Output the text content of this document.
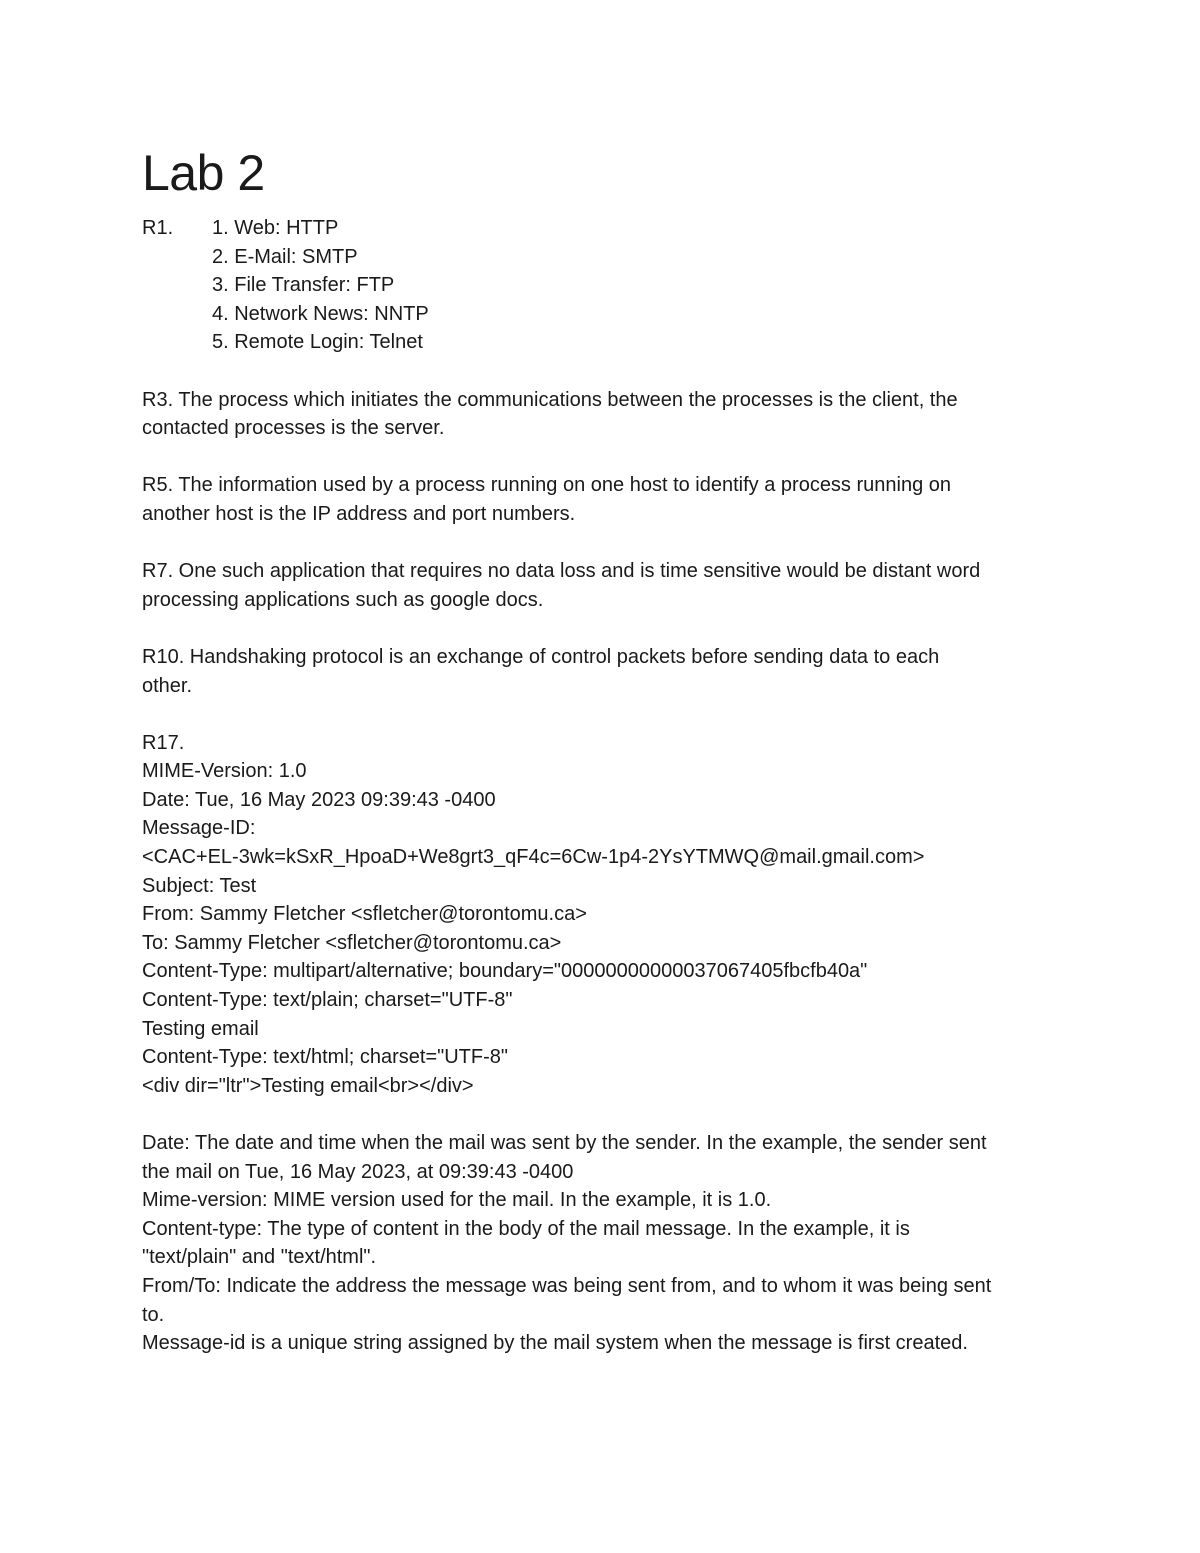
Lab 2
R1.	1. Web: HTTP
2. E-Mail: SMTP
3. File Transfer: FTP
4. Network News: NNTP
5. Remote Login: Telnet

R3. The process which initiates the communications between the processes is the client, the

contacted processes is the server.

R5. The information used by a process running on one host to identify a process running on

another host is the IP address and port numbers.

R7. One such application that requires no data loss and is time sensitive would be distant word

processing applications such as google docs.

R10. Handshaking protocol is an exchange of control packets before sending data to each

other.

R17.

MIME-Version: 1.0

Date: Tue, 16 May 2023 09:39:43 -0400

Message-ID:

<CAC+EL-3wk=kSxR_HpoaD+We8grt3_qF4c=6Cw-1p4-2YsYTMWQ@mail.gmail.com>

Subject: Test

From: Sammy Fletcher <sfletcher@torontomu.ca>

To: Sammy Fletcher <sfletcher@torontomu.ca>

Content-Type: multipart/alternative; boundary="00000000000037067405fbcfb40a"

Content-Type: text/plain; charset="UTF-8"

Testing email

Content-Type: text/html; charset="UTF-8"

<div dir="ltr">Testing email<br></div>

Date: The date and time when the mail was sent by the sender. In the example, the sender sent

the mail on Tue, 16 May 2023, at 09:39:43 -0400

Mime-version: MIME version used for the mail. In the example, it is 1.0.

Content-type: The type of content in the body of the mail message. In the example, it is

"text/plain" and "text/html".

From/To: Indicate the address the message was being sent from, and to whom it was being sent

to.

Message-id is a unique string assigned by the mail system when the message is first created.
